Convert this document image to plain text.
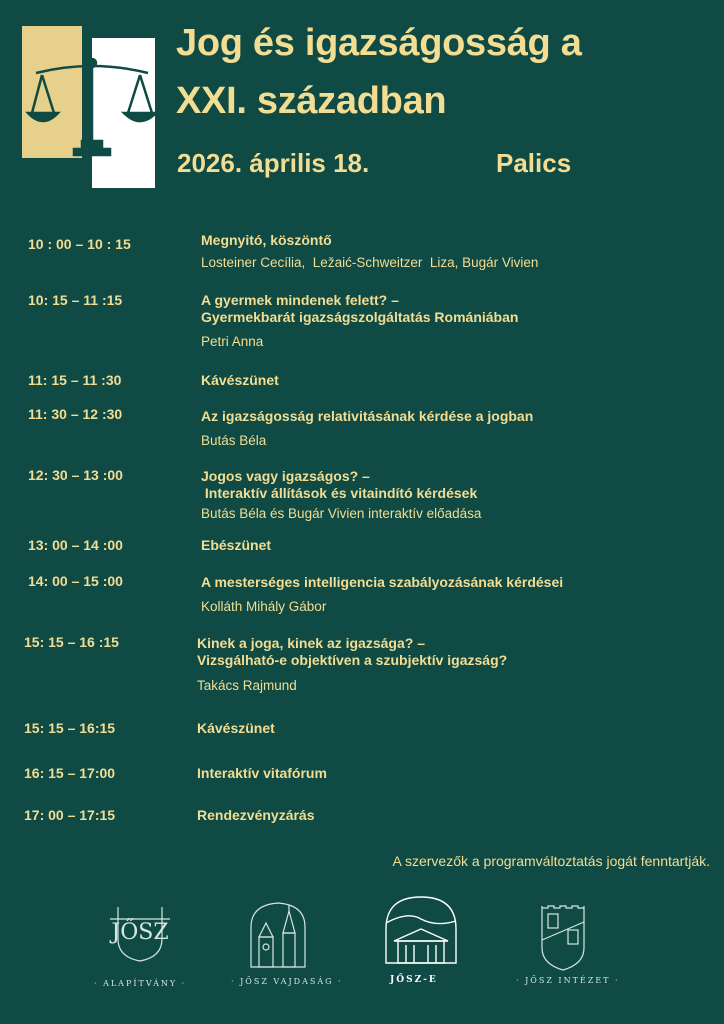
Jog és igazságosság a
XXI. században
2026. április 18.	Palics
10 : 00 – 10 : 15	Megnyitó, köszöntő
Losteiner Cecília,  Ležaić-Schweitzer  Liza, Bugár Vivien
10: 15 – 11 :15	A gyermek mindenek felett? –
Gyermekbarát igazságszolgáltatás Romániában
Petri Anna
11: 15 – 11 :30	Kávészünet
11: 30 – 12 :30	Az igazságosság relativitásának kérdése a jogban
Butás Béla
12: 30 – 13 :00	Jogos vagy igazságos? –
Interaktív állítások és vitaindító kérdések
Butás Béla és Bugár Vivien interaktív előadása
13: 00 – 14 :00	Ebészünet
14: 00 – 15 :00	A mesterséges intelligencia szabályozásának kérdései
Kolláth Mihály Gábor
15: 15 – 16 :15	Kinek a joga, kinek az igazsága? –
Vizsgálható-e objektíven a szubjektív igazság?
Takács Rajmund
15: 15 – 16:15	Kávészünet
16: 15 – 17:00	Interaktív vitafórum
17: 00 – 17:15	Rendezvényzárás
A szervezők a programváltoztatás jogát fenntartják.
JŐSZ
· ALAPÍTVÁNY ·	· JŐSZ VAJDASÁG ·	JŐSZ-E	· JŐSZ INTÉZET ·
